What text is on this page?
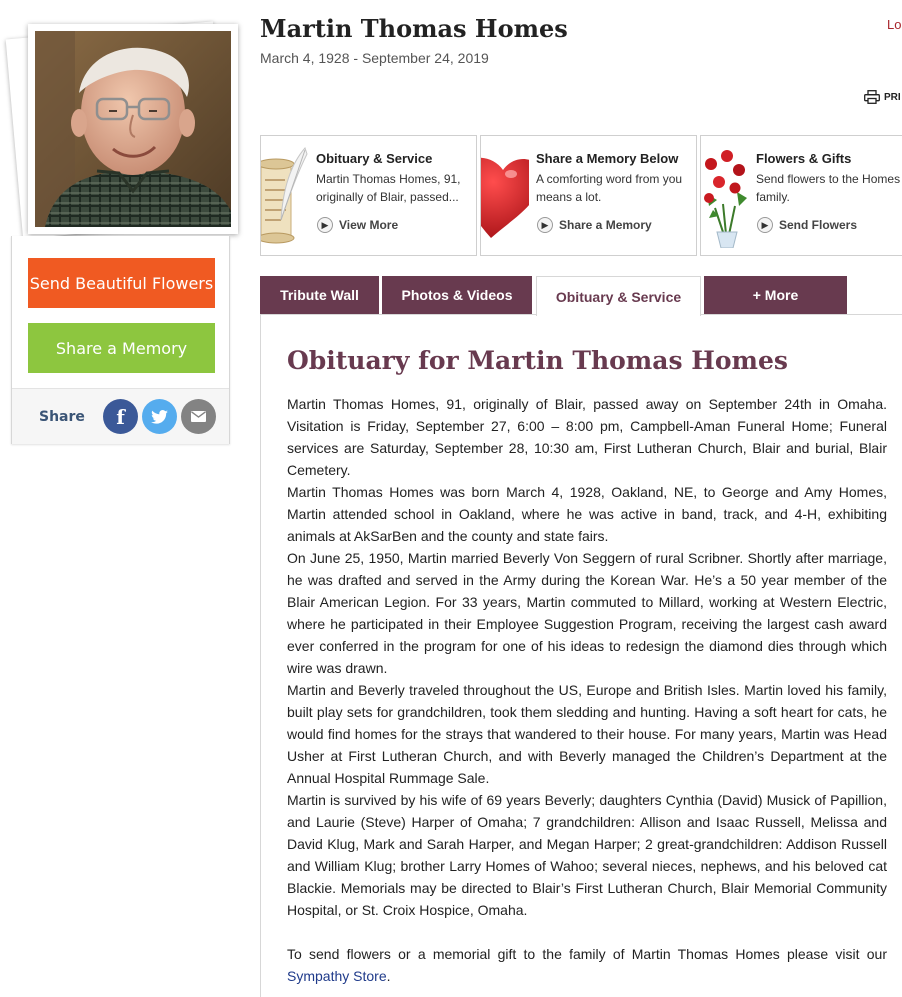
Send Beautiful Flowers
Share a Memory
Share	f
Martin Thomas Homes
March 4, 1928 - September 24, 2019
Lo
PRI
Obituary & Service
Martin Thomas Homes, 91, originally of Blair, passed...
▶ View More
Share a Memory Below
A comforting word from you means a lot.
▶ Share a Memory
Flowers & Gifts
Send flowers to the Homes family.
▶ Send Flowers
Tribute Wall	Photos & Videos	Obituary & Service	+ More
Obituary for Martin Thomas Homes

Martin Thomas Homes, 91, originally of Blair, passed away on September 24th in Omaha. Visitation is Friday, September 27, 6:00 – 8:00 pm, Campbell-Aman Funeral Home; Funeral services are Saturday, September 28, 10:30 am, First Lutheran Church, Blair and burial, Blair Cemetery.

Martin Thomas Homes was born March 4, 1928, Oakland, NE, to George and Amy Homes, Martin attended school in Oakland, where he was active in band, track, and 4-H, exhibiting animals at AkSarBen and the county and state fairs.

On June 25, 1950, Martin married Beverly Von Seggern of rural Scribner. Shortly after marriage, he was drafted and served in the Army during the Korean War. He’s a 50 year member of the Blair American Legion. For 33 years, Martin commuted to Millard, working at Western Electric, where he participated in their Employee Suggestion Program, receiving the largest cash award ever conferred in the program for one of his ideas to redesign the diamond dies through which wire was drawn.

Martin and Beverly traveled throughout the US, Europe and British Isles. Martin loved his family, built play sets for grandchildren, took them sledding and hunting. Having a soft heart for cats, he would find homes for the strays that wandered to their house. For many years, Martin was Head Usher at First Lutheran Church, and with Beverly managed the Children’s Department at the Annual Hospital Rummage Sale.

Martin is survived by his wife of 69 years Beverly; daughters Cynthia (David) Musick of Papillion, and Laurie (Steve) Harper of Omaha; 7 grandchildren: Allison and Isaac Russell, Melissa and David Klug, Mark and Sarah Harper, and Megan Harper; 2 great-grandchildren: Addison Russell and William Klug; brother Larry Homes of Wahoo; several nieces, nephews, and his beloved cat Blackie. Memorials may be directed to Blair’s First Lutheran Church, Blair Memorial Community Hospital, or St. Croix Hospice, Omaha.

To send flowers or a memorial gift to the family of Martin Thomas Homes please visit our Sympathy Store.
